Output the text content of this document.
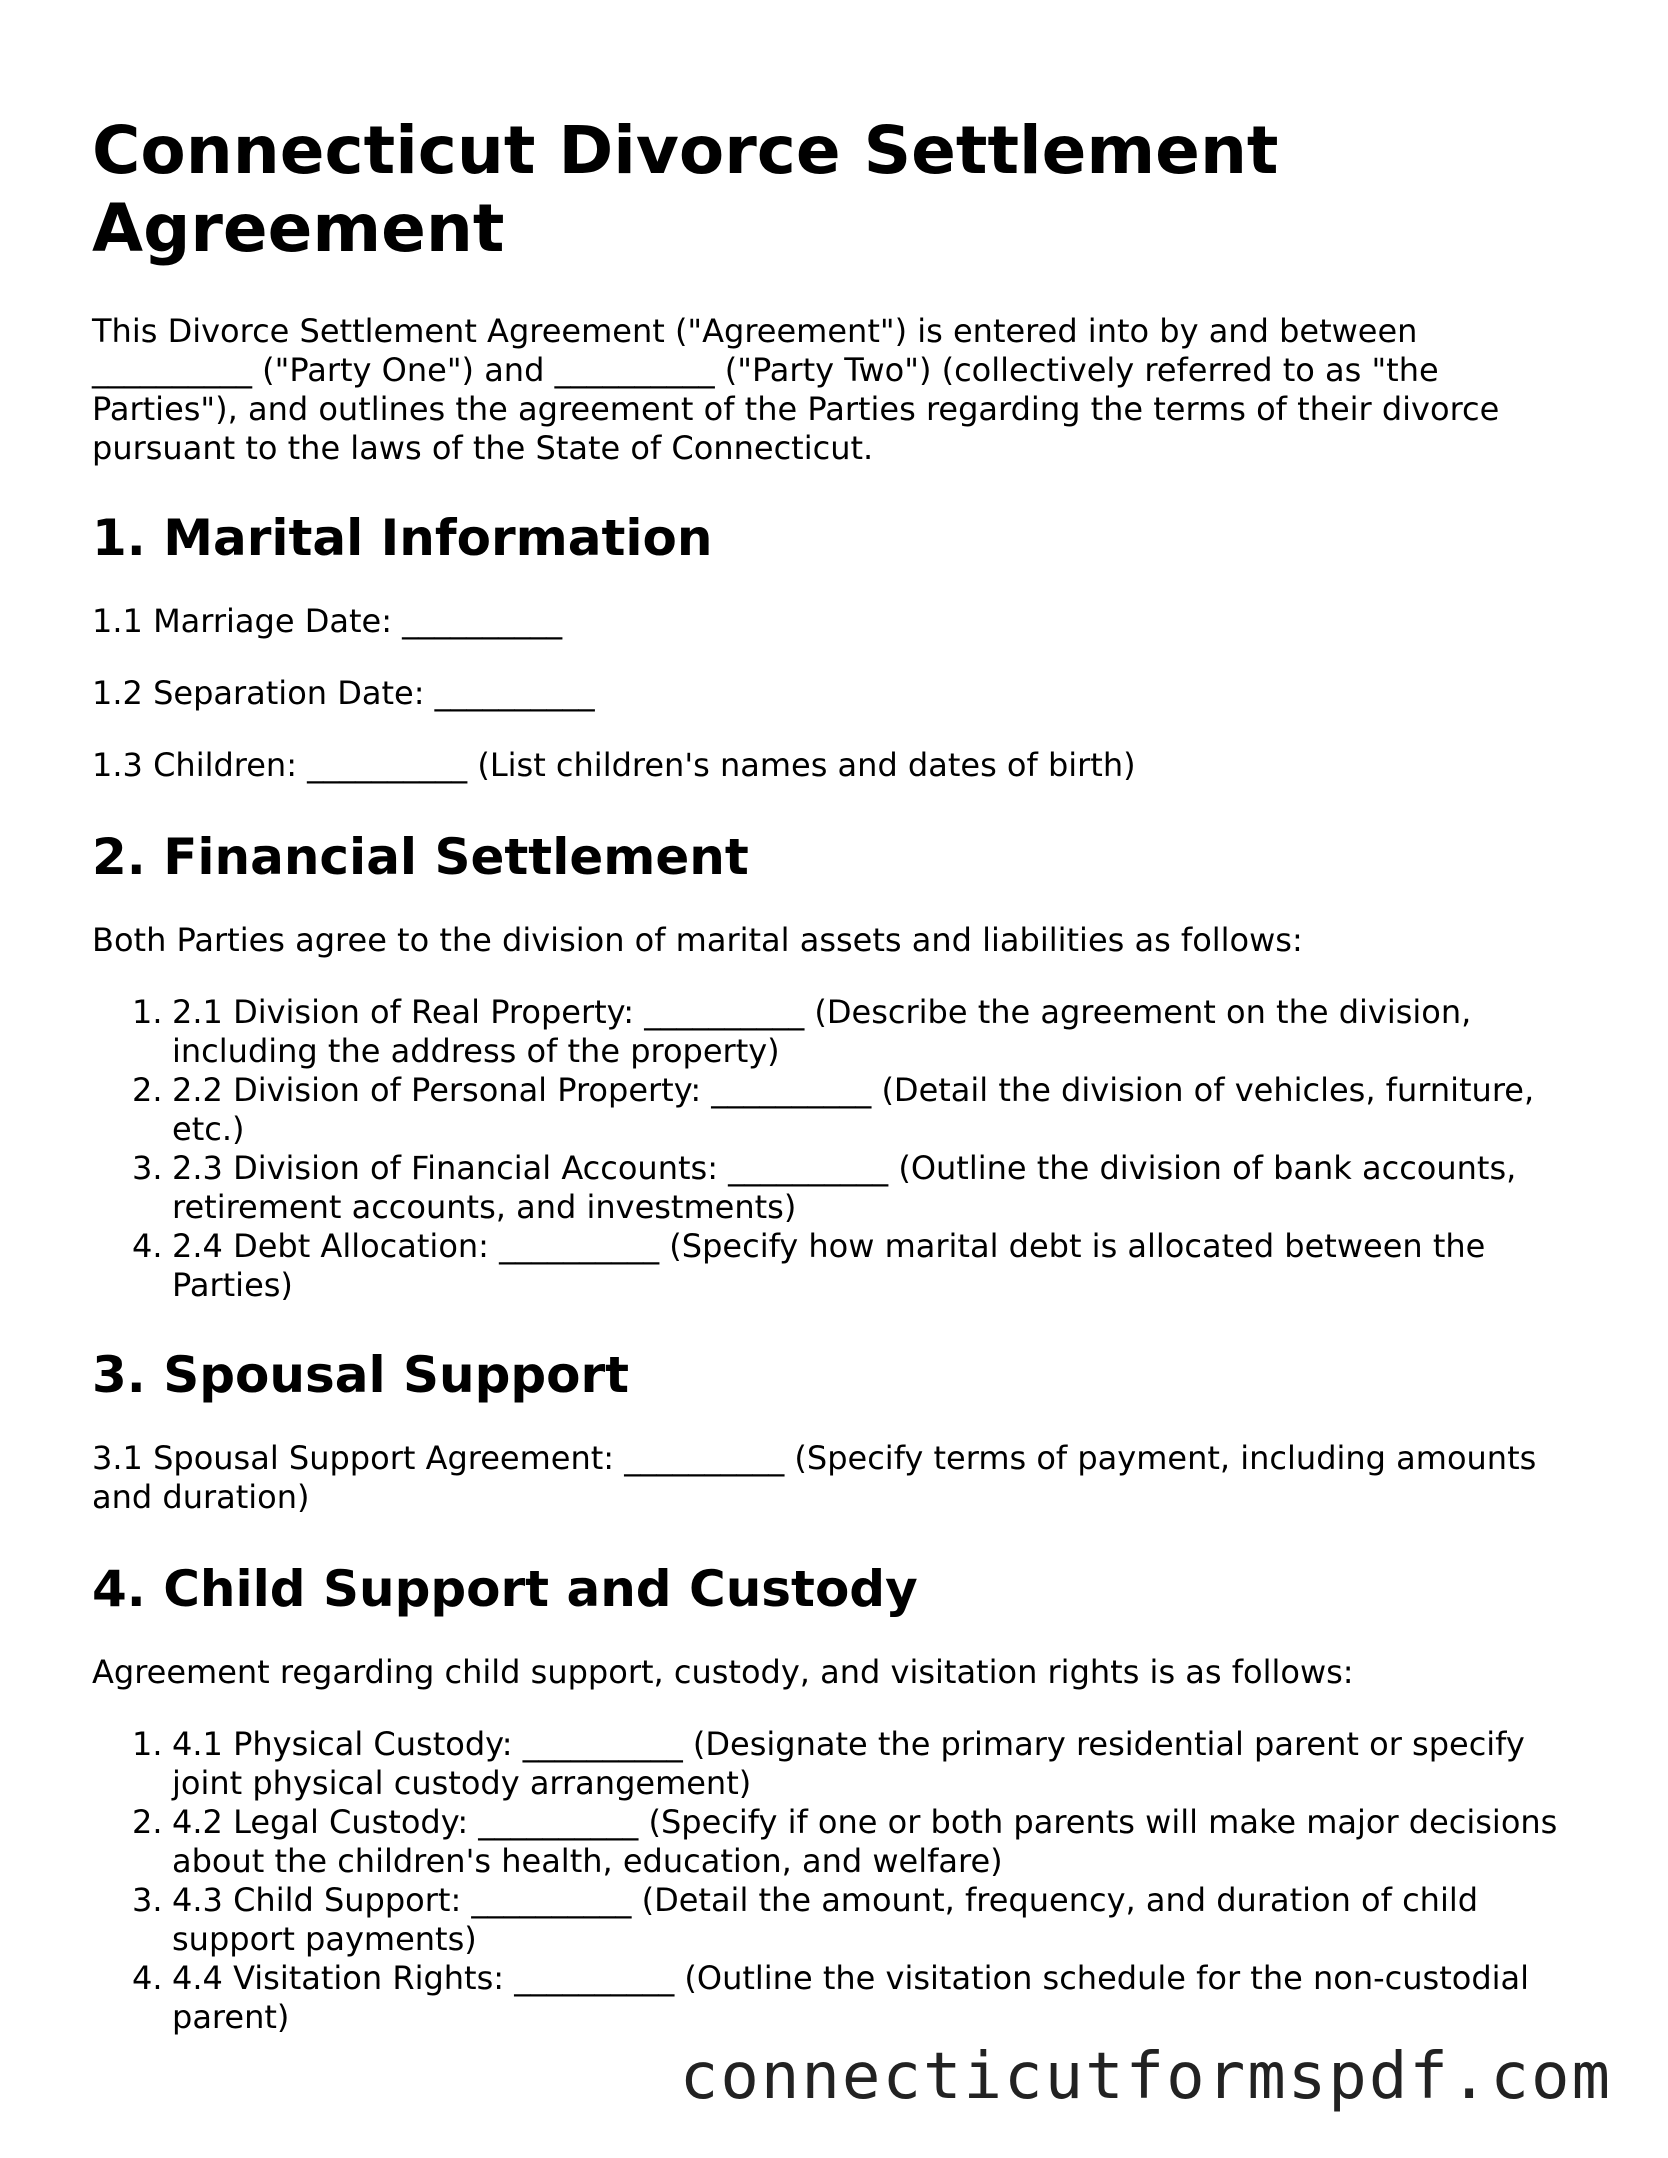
Connecticut Divorce Settlement Agreement

This Divorce Settlement Agreement ("Agreement") is entered into by and between __________ ("Party One") and __________ ("Party Two") (collectively referred to as "the Parties"), and outlines the agreement of the Parties regarding the terms of their divorce pursuant to the laws of the State of Connecticut.

1. Marital Information

1.1 Marriage Date: __________

1.2 Separation Date: __________

1.3 Children: __________ (List children's names and dates of birth)

2. Financial Settlement

Both Parties agree to the division of marital assets and liabilities as follows:

1. 2.1 Division of Real Property: __________ (Describe the agreement on the division, including the address of the property)
2. 2.2 Division of Personal Property: __________ (Detail the division of vehicles, furniture, etc.)
3. 2.3 Division of Financial Accounts: __________ (Outline the division of bank accounts, retirement accounts, and investments)
4. 2.4 Debt Allocation: __________ (Specify how marital debt is allocated between the Parties)
3. Spousal Support

3.1 Spousal Support Agreement: __________ (Specify terms of payment, including amounts and duration)

4. Child Support and Custody

Agreement regarding child support, custody, and visitation rights is as follows:

1. 4.1 Physical Custody: __________ (Designate the primary residential parent or specify joint physical custody arrangement)
2. 4.2 Legal Custody: __________ (Specify if one or both parents will make major decisions about the children's health, education, and welfare)
3. 4.3 Child Support: __________ (Detail the amount, frequency, and duration of child support payments)
4. 4.4 Visitation Rights: __________ (Outline the visitation schedule for the non-custodial parent)
connecticutformspdf.com
